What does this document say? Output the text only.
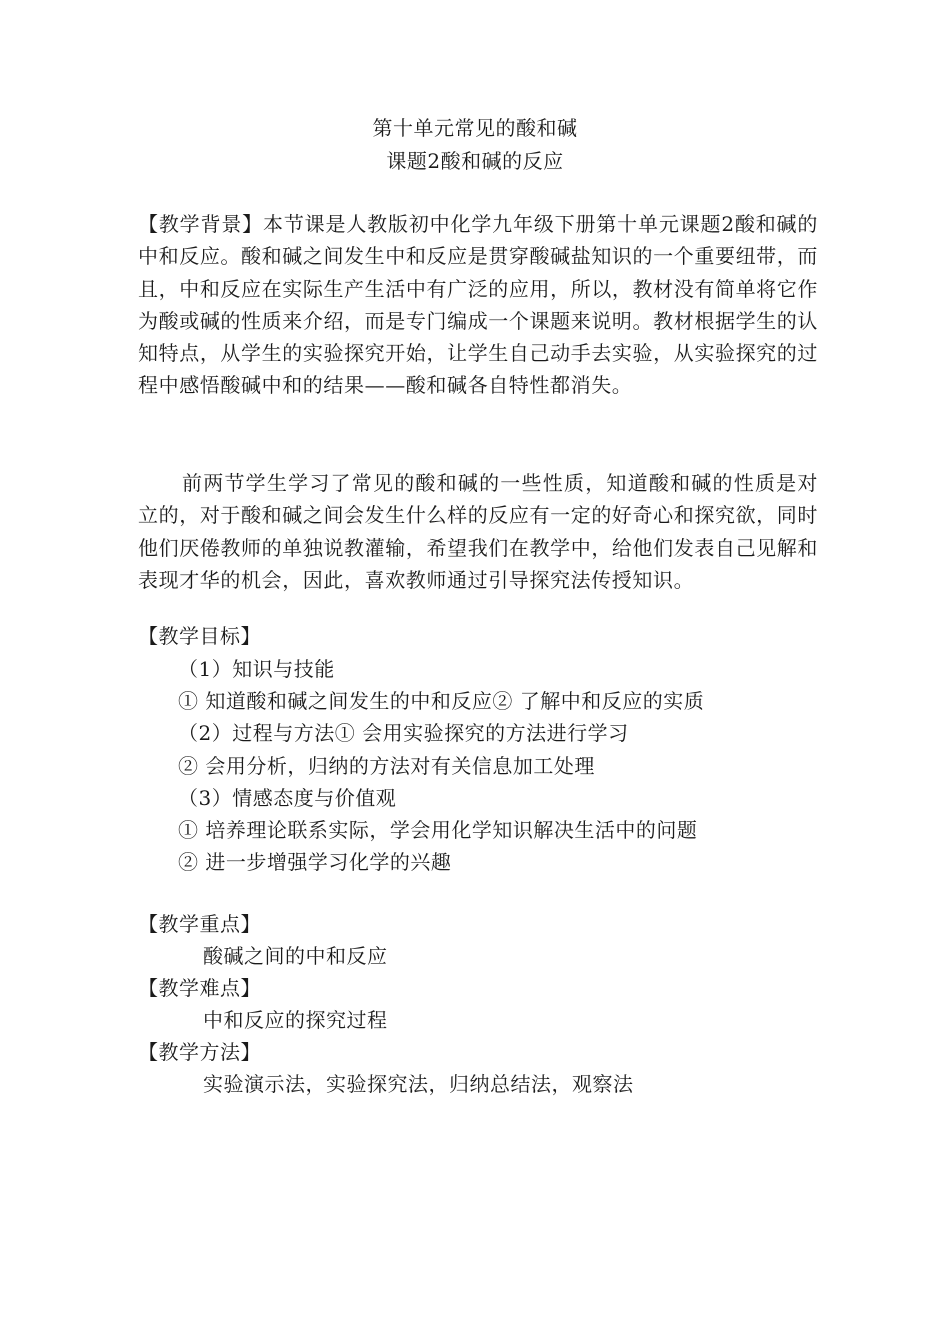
第十单元常见的酸和碱
课题2酸和碱的反应

【教学背景】本节课是人教版初中化学九年级下册第十单元课题2酸和碱的中和反应。酸和碱之间发生中和反应是贯穿酸碱盐知识的一个重要纽带，而且，中和反应在实际生产生活中有广泛的应用，所以，教材没有简单将它作为酸或碱的性质来介绍，而是专门编成一个课题来说明。教材根据学生的认知特点，从学生的实验探究开始，让学生自己动手去实验，从实验探究的过程中感悟酸碱中和的结果——酸和碱各自特性都消失。

前两节学生学习了常见的酸和碱的一些性质，知道酸和碱的性质是对立的，对于酸和碱之间会发生什么样的反应有一定的好奇心和探究欲，同时他们厌倦教师的单独说教灌输，希望我们在教学中，给他们发表自己见解和表现才华的机会，因此，喜欢教师通过引导探究法传授知识。

【教学目标】
（1）知识与技能
① 知道酸和碱之间发生的中和反应② 了解中和反应的实质
（2）过程与方法① 会用实验探究的方法进行学习
② 会用分析，归纳的方法对有关信息加工处理
（3）情感态度与价值观
① 培养理论联系实际，学会用化学知识解决生活中的问题
② 进一步增强学习化学的兴趣
【教学重点】
酸碱之间的中和反应
【教学难点】
中和反应的探究过程
【教学方法】
实验演示法，实验探究法，归纳总结法，观察法
